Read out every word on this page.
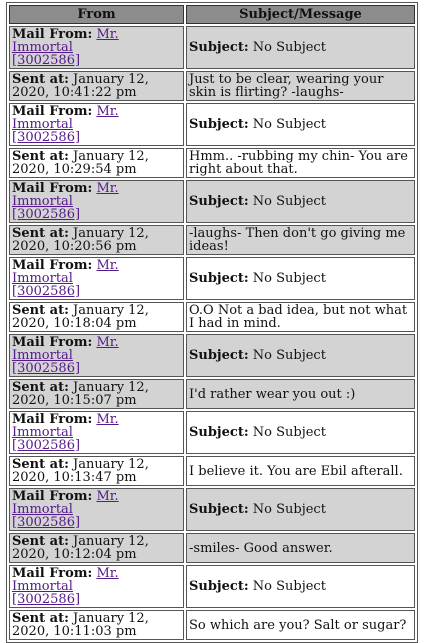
From	Subject/Message
Mail From: Mr. Immortal
[3002586]	Subject: No Subject
Sent at: January 12, 2020, 10:41:22 pm	Just to be clear, wearing your skin is flirting? -laughs-
Mail From: Mr. Immortal
[3002586]	Subject: No Subject
Sent at: January 12, 2020, 10:29:54 pm	Hmm.. -rubbing my chin- You are right about that.
Mail From: Mr. Immortal
[3002586]	Subject: No Subject
Sent at: January 12, 2020, 10:20:56 pm	-laughs- Then don't go giving me ideas!
Mail From: Mr. Immortal
[3002586]	Subject: No Subject
Sent at: January 12, 2020, 10:18:04 pm	O.O Not a bad idea, but not what I had in mind.
Mail From: Mr. Immortal
[3002586]	Subject: No Subject
Sent at: January 12, 2020, 10:15:07 pm	I'd rather wear you out :)
Mail From: Mr. Immortal
[3002586]	Subject: No Subject
Sent at: January 12, 2020, 10:13:47 pm	I believe it. You are Ebil afterall.
Mail From: Mr. Immortal
[3002586]	Subject: No Subject
Sent at: January 12, 2020, 10:12:04 pm	-smiles- Good answer.
Mail From: Mr. Immortal
[3002586]	Subject: No Subject
Sent at: January 12, 2020, 10:11:03 pm	So which are you? Salt or sugar?
